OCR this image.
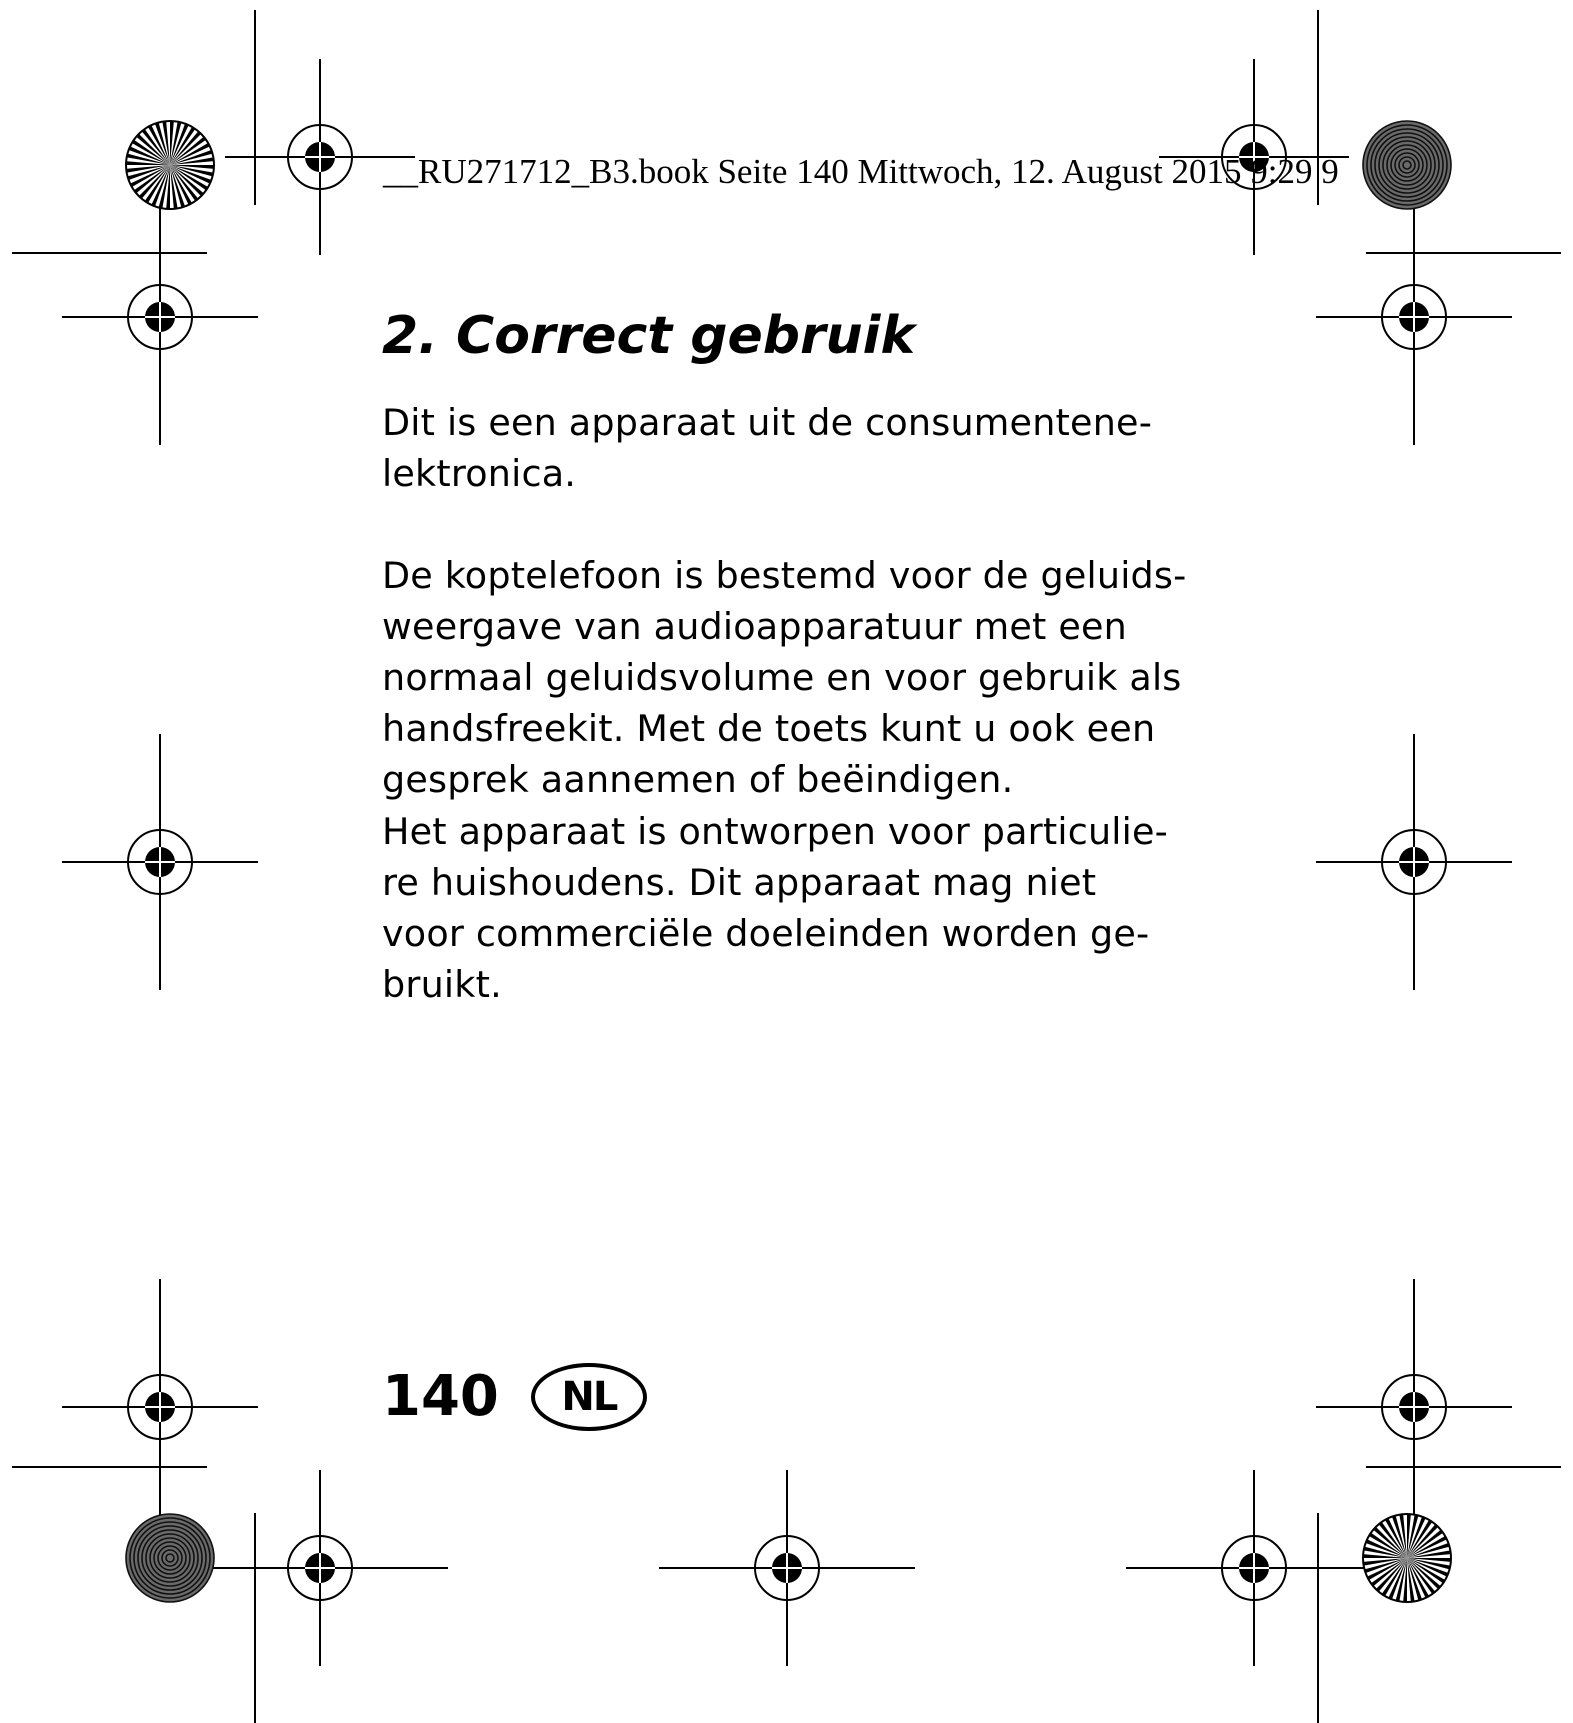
__RU271712_B3.book Seite 140 Mittwoch, 12. August 2015 9:29 9
2. Correct gebruik

Dit is een apparaat uit de consumentene-
lektronica.

De koptelefoon is bestemd voor de geluids-
weergave van audioapparatuur met een
normaal geluidsvolume en voor gebruik als
handsfreekit. Met de toets kunt u ook een
gesprek aannemen of beëindigen.

Het apparaat is ontworpen voor particulie-
re huishoudens. Dit apparaat mag niet
voor commerciële doeleinden worden ge-
bruikt.

140	NL
